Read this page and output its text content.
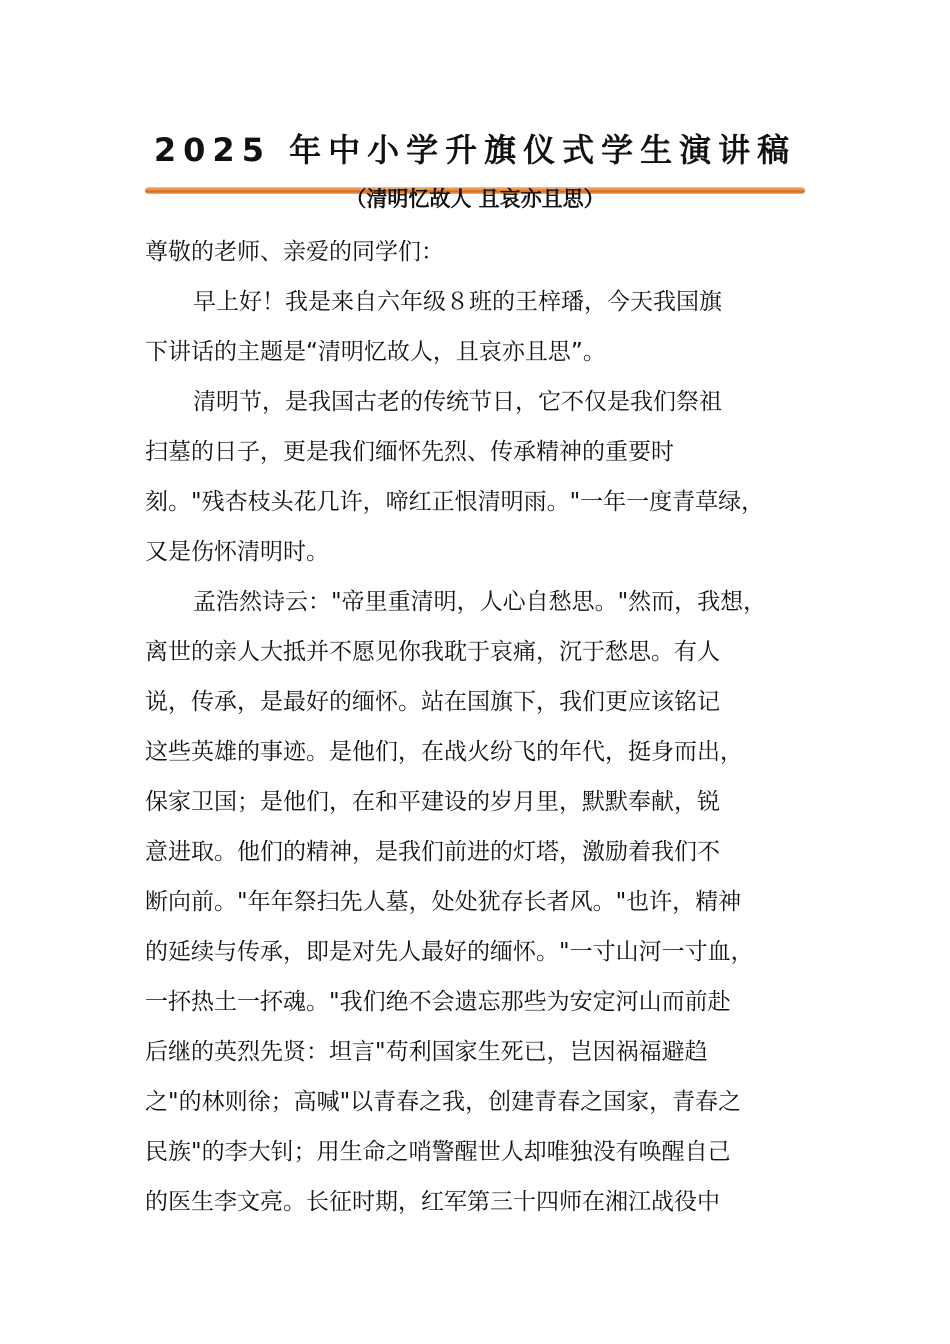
2025 年中小学升旗仪式学生演讲稿
（清明忆故人 且哀亦且思）
尊敬的老师、亲爱的同学们：
早上好！我是来自六年级８班的王梓璠，今天我国旗
下讲话的主题是“清明忆故人，且哀亦且思”。
清明节，是我国古老的传统节日，它不仅是我们祭祖
扫墓的日子，更是我们缅怀先烈、传承精神的重要时
刻。"残杏枝头花几许，啼红正恨清明雨。"一年一度青草绿，
又是伤怀清明时。
孟浩然诗云："帝里重清明，人心自愁思。"然而，我想，
离世的亲人大抵并不愿见你我耽于哀痛，沉于愁思。有人
说，传承，是最好的缅怀。站在国旗下，我们更应该铭记
这些英雄的事迹。是他们，在战火纷飞的年代，挺身而出，
保家卫国；是他们，在和平建设的岁月里，默默奉献，锐
意进取。他们的精神，是我们前进的灯塔，激励着我们不
断向前。"年年祭扫先人墓，处处犹存长者风。"也许，精神
的延续与传承，即是对先人最好的缅怀。"一寸山河一寸血，
一抔热土一抔魂。"我们绝不会遗忘那些为安定河山而前赴
后继的英烈先贤：坦言"苟利国家生死已，岂因祸福避趋
之"的林则徐；高喊"以青春之我，创建青春之国家，青春之
民族"的李大钊；用生命之哨警醒世人却唯独没有唤醒自己
的医生李文亮。长征时期，红军第三十四师在湘江战役中
